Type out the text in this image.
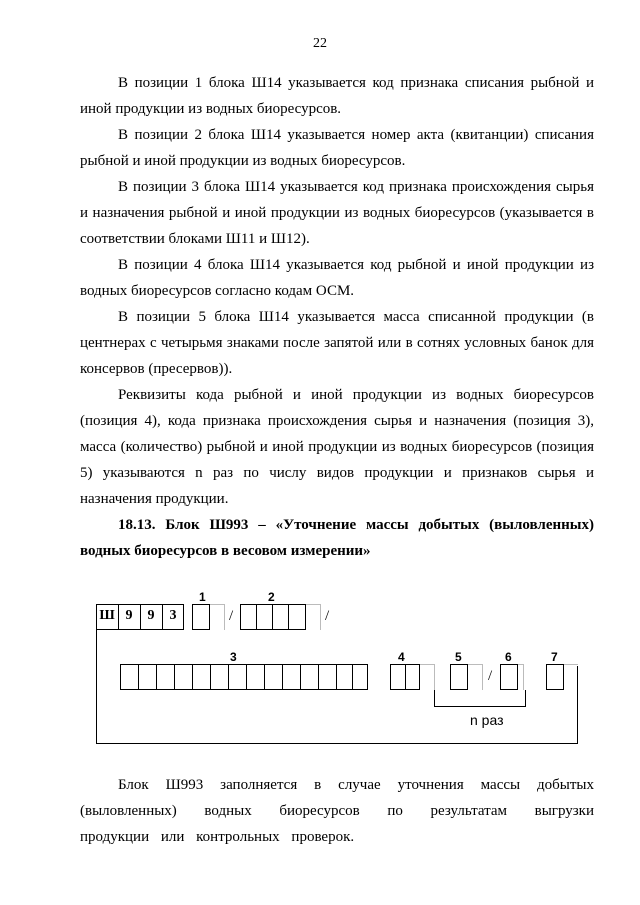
22

В позиции 1 блока Ш14 указывается код признака списания рыбной и иной продукции из водных биоресурсов.

В позиции 2 блока Ш14 указывается номер акта (квитанции) списания рыбной и иной продукции из водных биоресурсов.

В позиции 3 блока Ш14 указывается код признака происхождения сырья и назначения рыбной и иной продукции из водных биоресурсов (указывается в соответствии блоками Ш11 и Ш12).

В позиции 4 блока Ш14 указывается код рыбной и иной продукции из водных биоресурсов согласно кодам ОСМ.

В позиции 5 блока Ш14 указывается масса списанной продукции (в центнерах с четырьмя знаками после запятой или в сотнях условных банок для консервов (пресервов)).

Реквизиты кода рыбной и иной продукции из водных биоресурсов (позиция 4), кода признака происхождения сырья и назначения (позиция 3), масса (количество) рыбной и иной продукции из водных биоресурсов (позиция 5) указываются n раз по числу видов продукции и признаков сырья и назначения продукции.

18.13. Блок Ш993 – «Уточнение массы добытых (выловленных) водных биоресурсов в весовом измерении»

Ш 9	9	3
1
/
2
/
3	4
n раз
5
/
6	7

Блок Ш993 заполняется в случае уточнения массы добытых (выловленных) водных биоресурсов по результатам выгрузки продукции или контрольных проверок.
